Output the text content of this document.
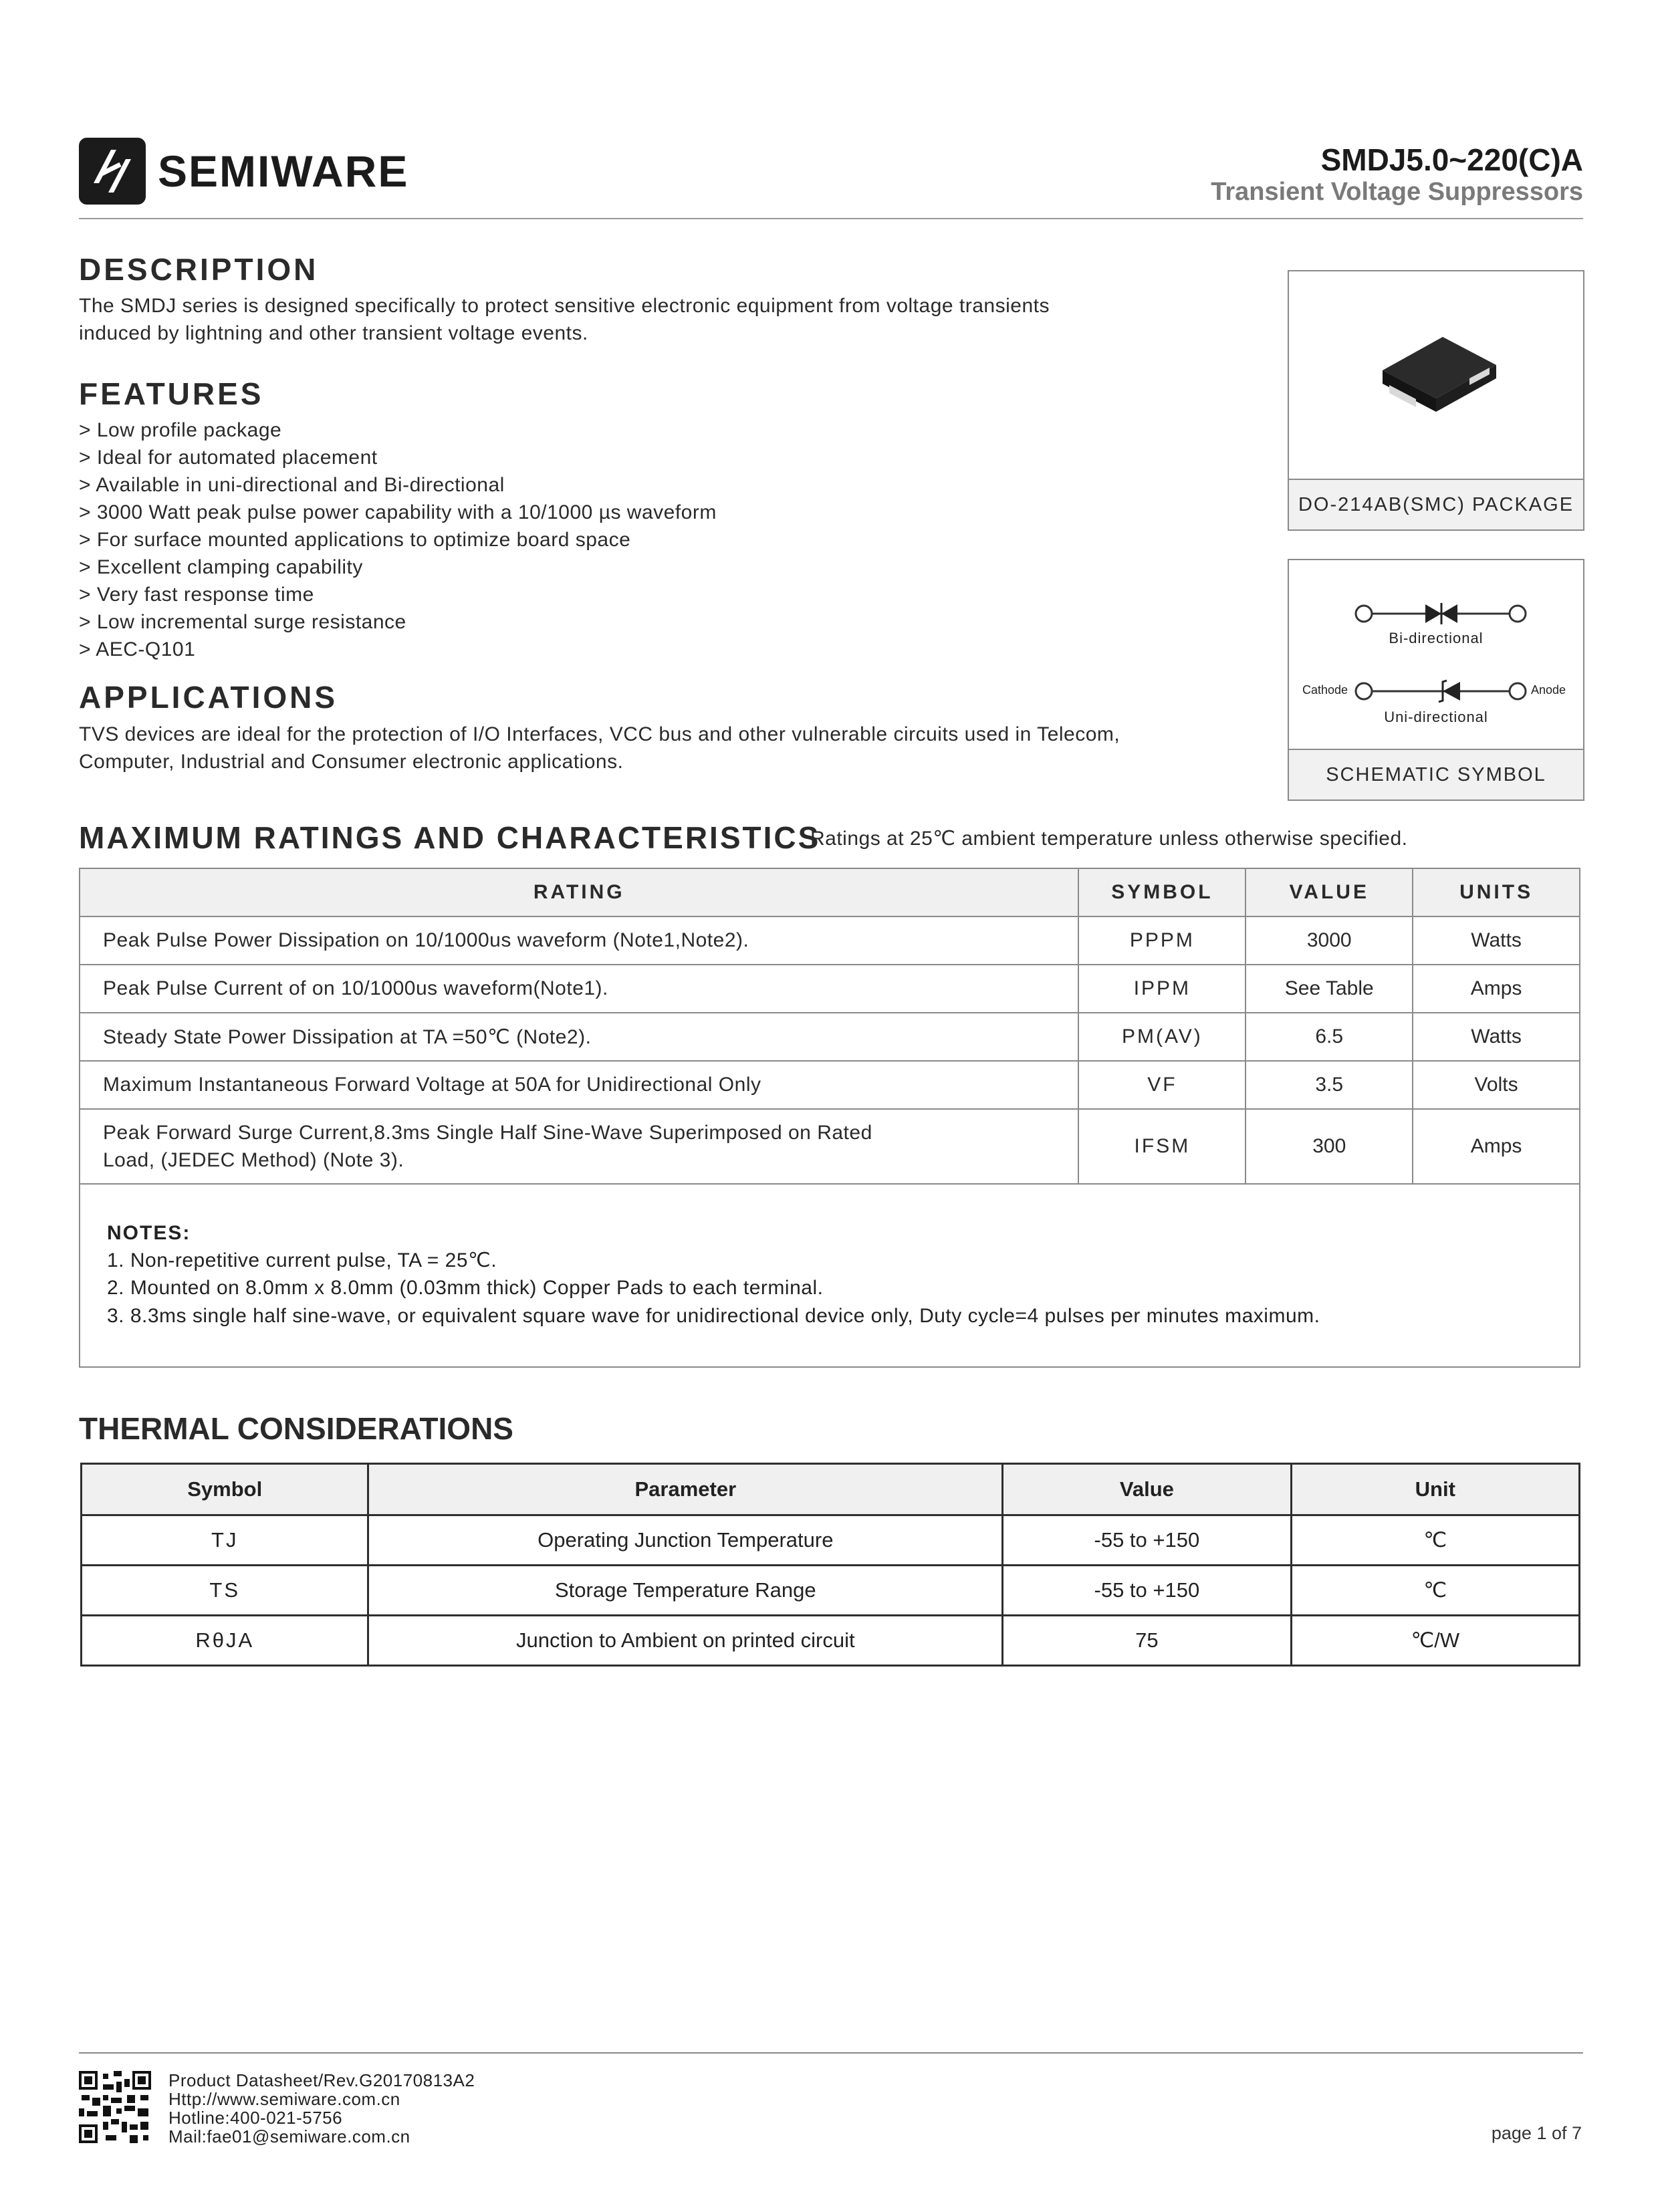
SEMIWARE	SMDJ5.0~220(C)A
Transient Voltage Suppressors
DESCRIPTION
The SMDJ series is designed specifically to protect sensitive electronic equipment from voltage transients
induced by lightning and other transient voltage events.
FEATURES
> Low profile package
> Ideal for automated placement
> Available in uni-directional and Bi-directional
> 3000 Watt peak pulse power capability with a 10/1000 µs waveform
> For surface mounted applications to optimize board space
> Excellent clamping capability
> Very fast response time
> Low incremental surge resistance
> AEC-Q101
APPLICATIONS
TVS devices are ideal for the protection of I/O Interfaces, VCC bus and other vulnerable circuits used in Telecom,
Computer, Industrial and Consumer electronic applications.
DO-214AB(SMC) PACKAGE
Bi-directional
Cathode	Anode
Uni-directional
SCHEMATIC SYMBOL
MAXIMUM RATINGS AND CHARACTERISTICS
Ratings at 25℃ ambient temperature unless otherwise specified.
RATING	SYMBOL	VALUE	UNITS
Peak Pulse Power Dissipation on 10/1000us waveform (Note1,Note2).	PPPM	3000	Watts
Peak Pulse Current of on 10/1000us waveform(Note1).	IPPM	See Table	Amps
Steady State Power Dissipation at TA =50℃ (Note2).	PM(AV)	6.5	Watts
Maximum Instantaneous Forward Voltage at 50A for Unidirectional Only	VF	3.5	Volts

Peak Forward Surge Current,8.3ms Single Half Sine-Wave Superimposed on Rated
Load, (JEDEC Method) (Note 3).	IFSM	300	Amps
NOTES:
1. Non-repetitive current pulse, TA = 25℃.
2. Mounted on 8.0mm x 8.0mm (0.03mm thick) Copper Pads to each terminal.
3. 8.3ms single half sine-wave, or equivalent square wave for unidirectional device only, Duty cycle=4 pulses per minutes maximum.
THERMAL CONSIDERATIONS
Symbol	Parameter	Value	Unit
TJ	Operating Junction Temperature	-55 to +150	℃
TS	Storage Temperature Range	-55 to +150	℃
RθJA	Junction to Ambient on printed circuit	75	℃/W
Product Datasheet/Rev.G20170813A2
Http://www.semiware.com.cn
Hotline:400-021-5756
Mail:fae01@semiware.com.cn	page 1 of 7
